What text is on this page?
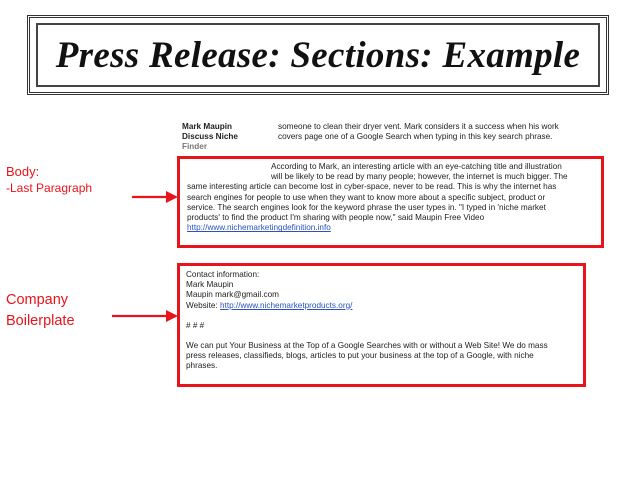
Press Release: Sections: Example
Mark Maupin
Discuss Niche
Finder
someone to clean their dryer vent. Mark considers it a success when his work
covers page one of a Google Search when typing in this key search phrase.
According to Mark, an interesting article with an eye-catching title and illustration
will be likely to be read by many people; however, the internet is much bigger. The
same interesting article can become lost in cyber-space, never to be read. This is why the internet has
search engines for people to use when they want to know more about a specific subject, product or
service. The search engines look for the keyword phrase the user types in. "I typed in 'niche market
products' to find the product I'm sharing with people now," said Maupin Free Video
http://www.nichemarketingdefinition.info
Contact information:
Mark Maupin
Maupin mark@gmail.com
Website: http://www.nichemarketproducts.org/
# # #
We can put Your Business at the Top of a Google Searches with or without a Web Site! We do mass
press releases, classifieds, blogs, articles to put your business at the top of a Google, with niche
phrases.
Body:
-Last Paragraph
Company
Boilerplate
